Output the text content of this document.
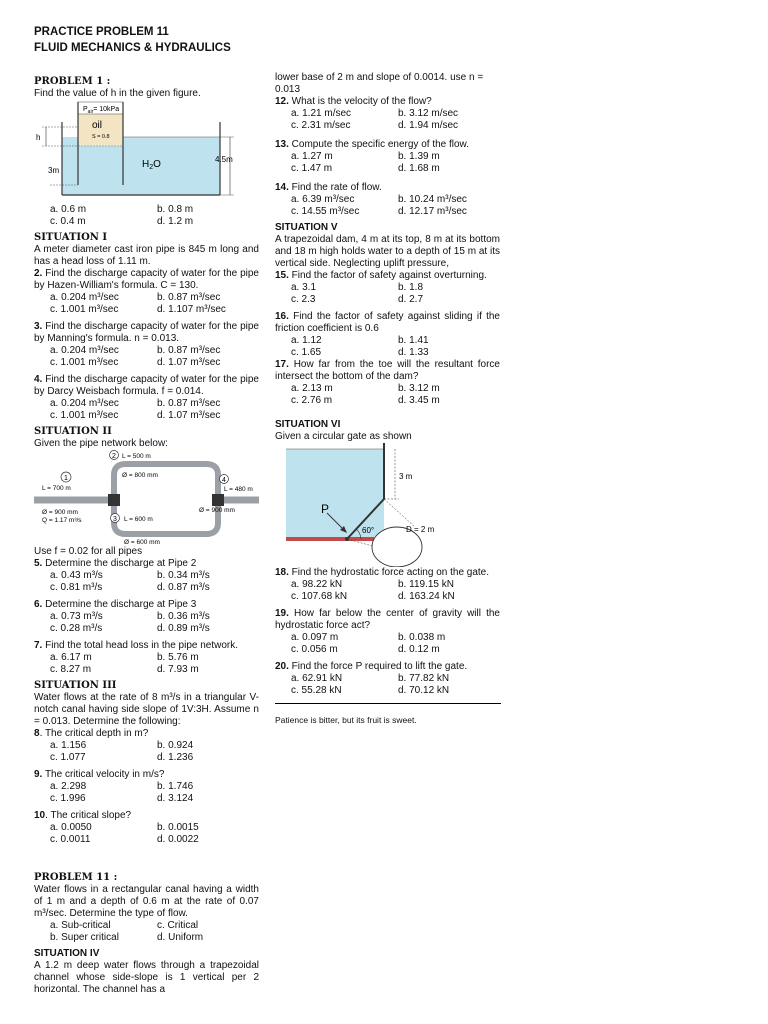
PRACTICE PROBLEM 11
FLUID MECHANICS & HYDRAULICS
PROBLEM 1 :

Find the value of h in the given figure.

$P_{air}= 10kPa$
oil
S = 0.8
$H_2O$
h
3m
4.5m
a. 0.6 m	b. 0.8 m
c. 0.4 m	d. 1.2 m
SITUATION I

A meter diameter cast iron pipe is 845 m long and has a head loss of 1.11 m.

2. Find the discharge capacity of water for the pipe by Hazen-William's formula. C = 130.

a. 0.204 m³/sec	b. 0.87 m³/sec
c. 1.001 m³/sec	d. 1.107 m³/sec

3. Find the discharge capacity of water for the pipe by Manning's formula. n = 0.013.

a. 0.204 m³/sec	b. 0.87 m³/sec
c. 1.001 m³/sec	d. 1.07 m³/sec

4. Find the discharge capacity of water for the pipe by Darcy Weisbach formula. f = 0.014.

a. 0.204 m³/sec	b. 0.87 m³/sec
c. 1.001 m³/sec	d. 1.07 m³/sec
SITUATION II

Given the pipe network below:

1
L = 700 m
Ø = 900 mm
Q = 1.17 m³/s
2 L = 500 m
Ø = 800 mm
3 L = 600 m
Ø = 600 mm
4
L = 480 m
Ø = 900 mm

Use f = 0.02 for all pipes

5. Determine the discharge at Pipe 2

a. 0.43 m³/s	b. 0.34 m³/s
c. 0.81 m³/s	d. 0.87 m³/s

6. Determine the discharge at Pipe 3

a. 0.73 m³/s	b. 0.36 m³/s
c. 0.28 m³/s	d. 0.89 m³/s

7. Find the total head loss in the pipe network.

a. 6.17 m	b. 5.76 m
c. 8.27 m	d. 7.93 m
SITUATION III

Water flows at the rate of 8 m³/s in a triangular V-notch canal having side slope of 1V:3H. Assume n = 0.013. Determine the following:

8. The critical depth in m?

a. 1.156	b. 0.924
c. 1.077	d. 1.236

9. The critical velocity in m/s?

a. 2.298	b. 1.746
c. 1.996	d. 3.124

10. The critical slope?

a. 0.0050	b. 0.0015
c. 0.0011	d. 0.0022
PROBLEM 11 :

Water flows in a rectangular canal having a width of 1 m and a depth of 0.6 m at the rate of 0.07 m³/sec. Determine the type of flow.

a. Sub-critical	c. Critical
b. Super critical	d. Uniform
SITUATION IV

A 1.2 m deep water flows through a trapezoidal channel whose side-slope is 1 vertical per 2 horizontal. The channel has a

lower base of 2 m and slope of 0.0014. use n = 0.013

12. What is the velocity of the flow?

a. 1.21 m/sec	b. 3.12 m/sec
c. 2.31 m/sec	d. 1.94 m/sec

13. Compute the specific energy of the flow.

a. 1.27 m	b. 1.39 m
c. 1.47 m	d. 1.68 m

14. Find the rate of flow.

a. 6.39 m³/sec	b. 10.24 m³/sec
c. 14.55 m³/sec	d. 12.17 m³/sec
SITUATION V

A trapezoidal dam, 4 m at its top, 8 m at its bottom and 18 m high holds water to a depth of 15 m at its vertical side. Neglecting uplift pressure,

15. Find the factor of safety against overturning.

a. 3.1	b. 1.8
c. 2.3	d. 2.7

16. Find the factor of safety against sliding if the friction coefficient is 0.6

a. 1.12	b. 1.41
c. 1.65	d. 1.33

17. How far from the toe will the resultant force intersect the bottom of the dam?

a. 2.13 m	b. 3.12 m
c. 2.76 m	d. 3.45 m
SITUATION VI

Given a circular gate as shown

3 m
P
60°	D = 2 m

18. Find the hydrostatic force acting on the gate.

a. 98.22 kN	b. 119.15 kN
c. 107.68 kN	d. 163.24 kN

19. How far below the center of gravity will the hydrostatic force act?

a. 0.097 m	b. 0.038 m
c. 0.056 m	d. 0.12 m

20. Find the force P required to lift the gate.

a. 62.91 kN	b. 77.82 kN
c. 55.28 kN	d. 70.12 kN

Patience is bitter, but its fruit is sweet.
